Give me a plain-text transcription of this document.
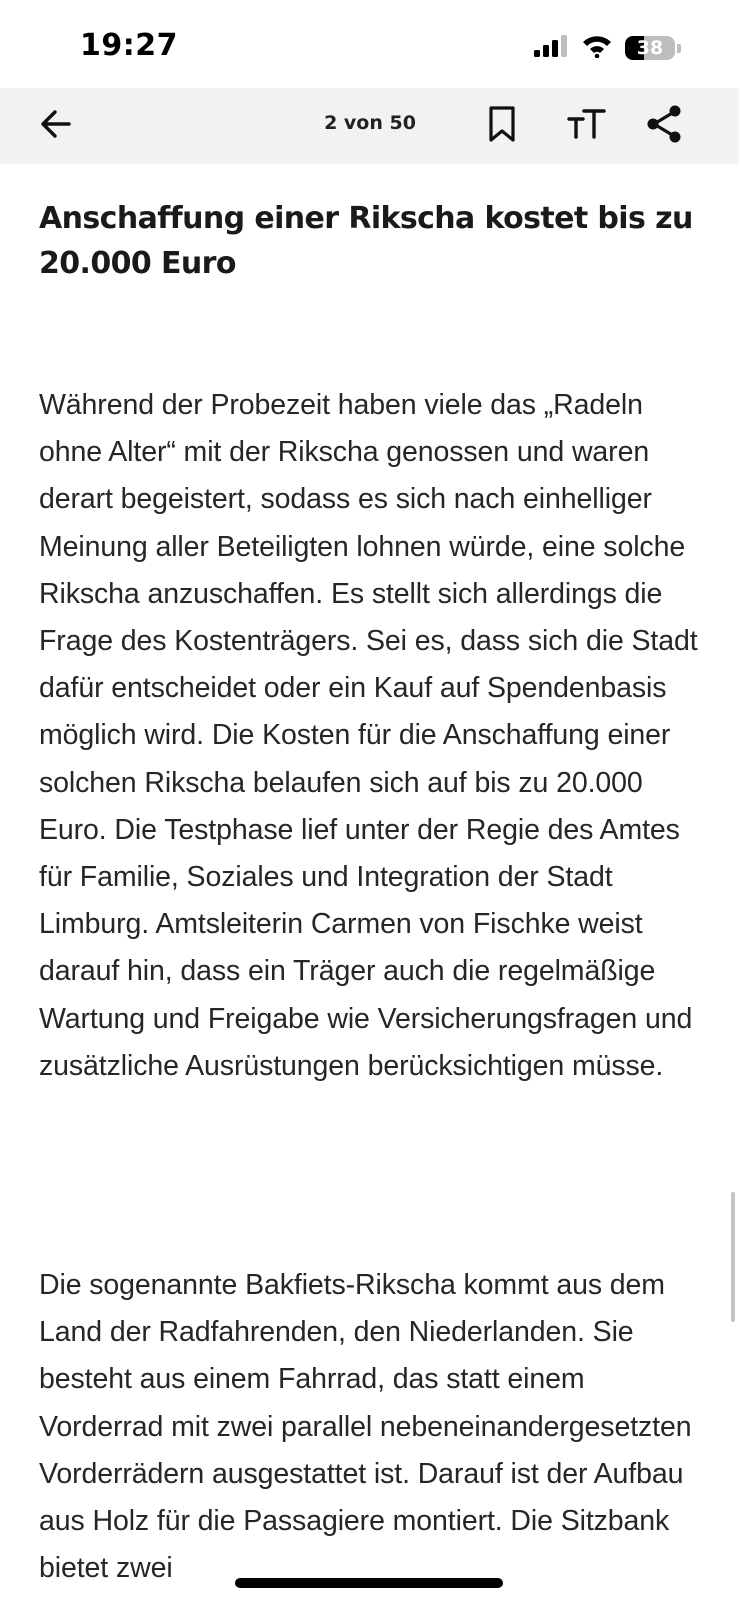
19:27	38
2 von 50
Anschaffung einer Rikscha kostet bis zu 20.000 Euro

Während der Probezeit haben viele das „Radeln ohne Alter“ mit der Rikscha genossen und waren derart begeistert, sodass es sich nach einhelliger Meinung aller Beteiligten lohnen würde, eine solche Rikscha anzuschaffen. Es stellt sich allerdings die Frage des Kostenträgers. Sei es, dass sich die Stadt dafür entscheidet oder ein Kauf auf Spendenbasis möglich wird. Die Kosten für die Anschaffung einer solchen Rikscha belaufen sich auf bis zu 20.000 Euro. Die Testphase lief unter der Regie des Amtes für Familie, Soziales und Integration der Stadt Limburg. Amtsleiterin Carmen von Fischke weist darauf hin, dass ein Träger auch die regelmäßige Wartung und Freigabe wie Versicherungsfragen und zusätzliche Ausrüstungen berücksichtigen müsse.

Die sogenannte Bakfiets-Rikscha kommt aus dem Land der Radfahrenden, den Niederlanden. Sie besteht aus einem Fahrrad, das statt einem Vorderrad mit zwei parallel nebeneinandergesetzten Vorderrädern ausgestattet ist. Darauf ist der Aufbau aus Holz für die Passagiere montiert. Die Sitzbank bietet zwei
